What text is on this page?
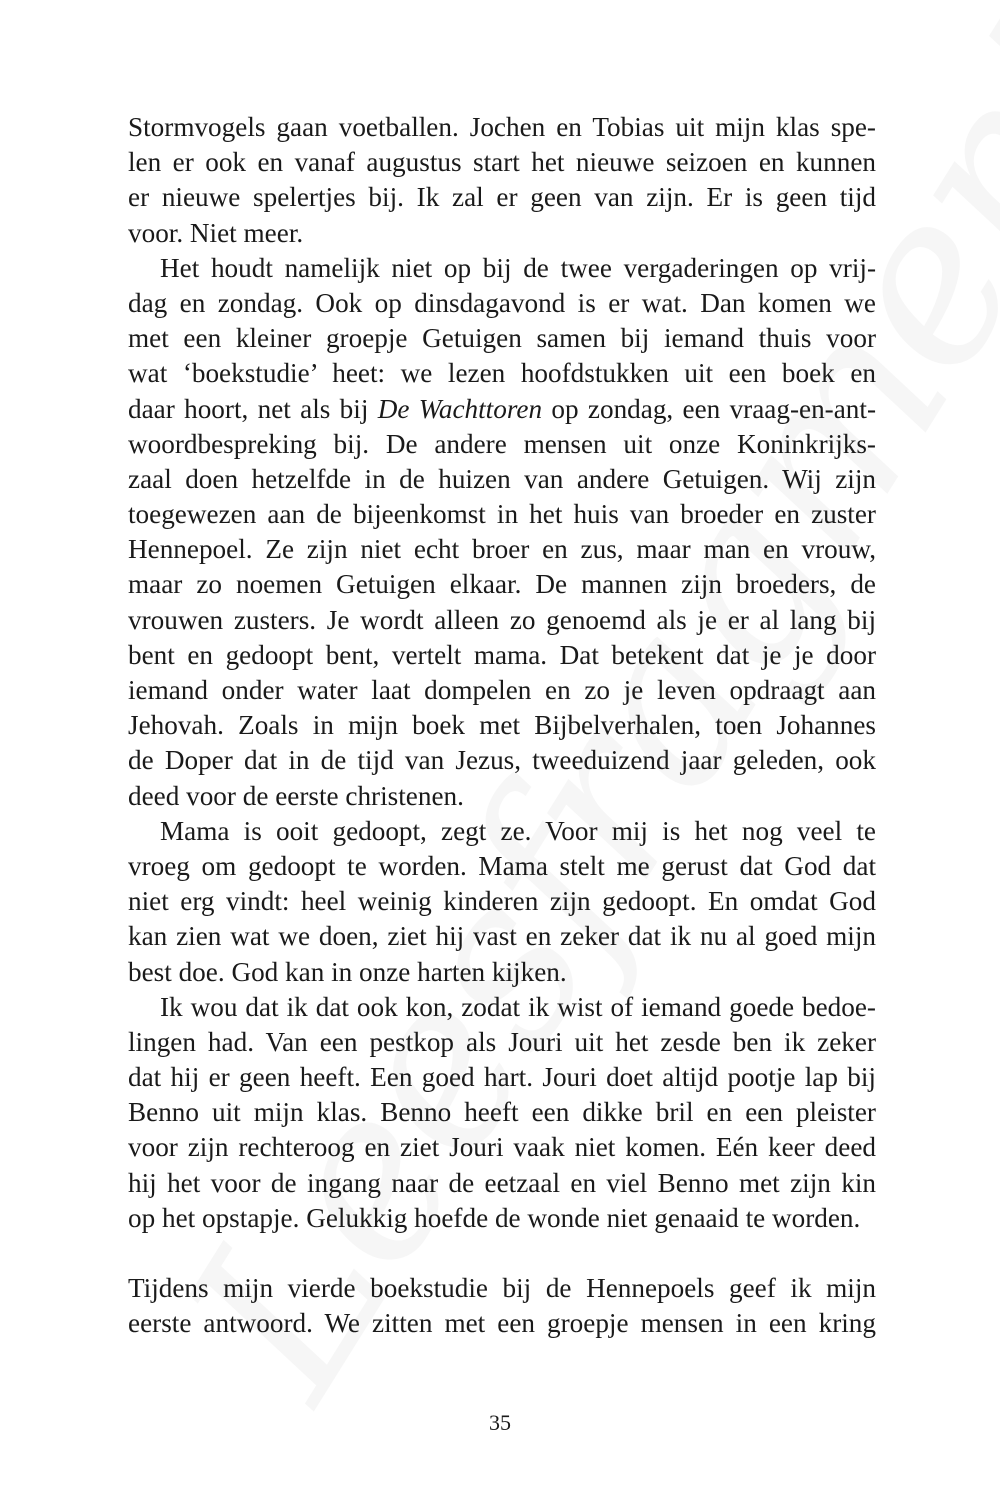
Stormvogels gaan voetballen. Jochen en Tobias uit mijn klas spe-
len er ook en vanaf augustus start het nieuwe seizoen en kunnen
er nieuwe spelertjes bij. Ik zal er geen van zijn. Er is geen tijd
voor. Niet meer.
Het houdt namelijk niet op bij de twee vergaderingen op vrij-
dag en zondag. Ook op dinsdagavond is er wat. Dan komen we
met een kleiner groepje Getuigen samen bij iemand thuis voor
wat ‘boekstudie’ heet: we lezen hoofdstukken uit een boek en
daar hoort, net als bij De Wachttoren op zondag, een vraag-en-ant-
woordbespreking bij. De andere mensen uit onze Koninkrijks-
zaal doen hetzelfde in de huizen van andere Getuigen. Wij zijn
toegewezen aan de bijeenkomst in het huis van broeder en zuster
Hennepoel. Ze zijn niet echt broer en zus, maar man en vrouw,
maar zo noemen Getuigen elkaar. De mannen zijn broeders, de
vrouwen zusters. Je wordt alleen zo genoemd als je er al lang bij
bent en gedoopt bent, vertelt mama. Dat betekent dat je je door
iemand onder water laat dompelen en zo je leven opdraagt aan
Jehovah. Zoals in mijn boek met Bijbelverhalen, toen Johannes
de Doper dat in de tijd van Jezus, tweeduizend jaar geleden, ook
deed voor de eerste christenen.
Mama is ooit gedoopt, zegt ze. Voor mij is het nog veel te
vroeg om gedoopt te worden. Mama stelt me gerust dat God dat
niet erg vindt: heel weinig kinderen zijn gedoopt. En omdat God
kan zien wat we doen, ziet hij vast en zeker dat ik nu al goed mijn
best doe. God kan in onze harten kijken.
Ik wou dat ik dat ook kon, zodat ik wist of iemand goede bedoe-
lingen had. Van een pestkop als Jouri uit het zesde ben ik zeker
dat hij er geen heeft. Een goed hart. Jouri doet altijd pootje lap bij
Benno uit mijn klas. Benno heeft een dikke bril en een pleister
voor zijn rechteroog en ziet Jouri vaak niet komen. Eén keer deed
hij het voor de ingang naar de eetzaal en viel Benno met zijn kin
op het opstapje. Gelukkig hoefde de wonde niet genaaid te worden.
Tijdens mijn vierde boekstudie bij de Hennepoels geef ik mijn
eerste antwoord. We zitten met een groepje mensen in een kring
35
